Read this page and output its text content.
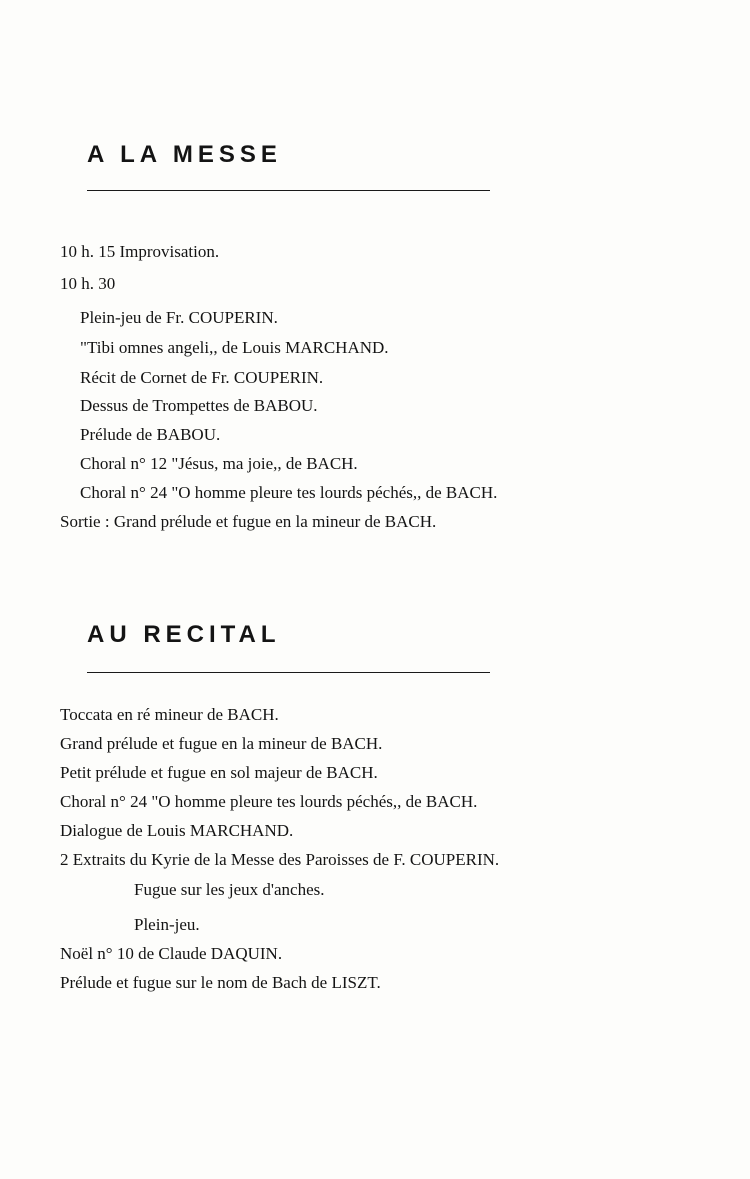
A LA MESSE
10 h. 15 Improvisation.
10 h. 30
Plein-jeu de Fr. COUPERIN.
"Tibi omnes angeli,, de Louis MARCHAND.
Récit de Cornet de Fr. COUPERIN.
Dessus de Trompettes de BABOU.
Prélude de BABOU.
Choral n° 12 "Jésus, ma joie,, de BACH.
Choral n° 24 "O homme pleure tes lourds péchés,, de BACH.
Sortie : Grand prélude et fugue en la mineur de BACH.
AU RECITAL
Toccata en ré mineur de BACH.
Grand prélude et fugue en la mineur de BACH.
Petit prélude et fugue en sol majeur de BACH.
Choral n° 24 "O homme pleure tes lourds péchés,, de BACH.
Dialogue de Louis MARCHAND.
2 Extraits du Kyrie de la Messe des Paroisses de F. COUPERIN.
Fugue sur les jeux d'anches.
Plein-jeu.
Noël n° 10 de Claude DAQUIN.
Prélude et fugue sur le nom de Bach de LISZT.
